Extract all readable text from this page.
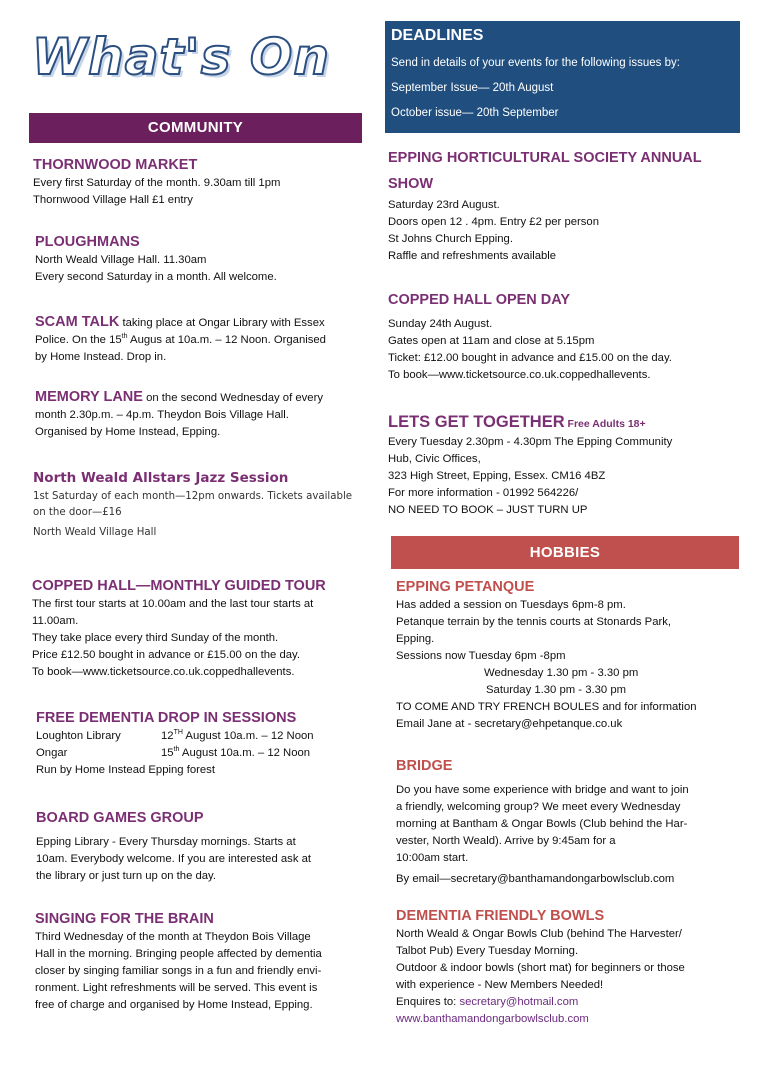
What's On
COMMUNITY
DEADLINES
Send in details of your events for the following issues by:
September Issue— 20th August
October issue— 20th September
THORNWOOD MARKET
Every first Saturday of the month. 9.30am till 1pm
Thornwood Village Hall £1 entry
PLOUGHMANS
North Weald Village Hall. 11.30am
Every second Saturday in a month. All welcome.
SCAM TALK taking place at Ongar Library with Essex
Police. On the 15th Augus at 10a.m. – 12 Noon. Organised
by Home Instead. Drop in.
MEMORY LANE on the second Wednesday of every
month 2.30p.m. – 4p.m. Theydon Bois Village Hall.
Organised by Home Instead, Epping.
North Weald Allstars Jazz Session
1st Saturday of each month—12pm onwards. Tickets available
on the door—£16
North Weald Village Hall
COPPED HALL—MONTHLY GUIDED TOUR
The first tour starts at 10.00am and the last tour starts at
11.00am.
They take place every third Sunday of the month.
Price £12.50 bought in advance or £15.00 on the day.
To book—www.ticketsource.co.uk.coppedhallevents.
FREE DEMENTIA DROP IN SESSIONS
Loughton Library	12TH August 10a.m. – 12 Noon
Ongar	15th August 10a.m. – 12 Noon
Run by Home Instead Epping forest
BOARD GAMES GROUP
Epping Library - Every Thursday mornings. Starts at
10am. Everybody welcome. If you are interested ask at
the library or just turn up on the day.
SINGING FOR THE BRAIN
Third Wednesday of the month at Theydon Bois Village
Hall in the morning. Bringing people affected by dementia
closer by singing familiar songs in a fun and friendly envi-
ronment. Light refreshments will be served. This event is
free of charge and organised by Home Instead, Epping.
EPPING HORTICULTURAL SOCIETY ANNUAL
SHOW
Saturday 23rd August.
Doors open 12 . 4pm. Entry £2 per person
St Johns Church Epping.
Raffle and refreshments available
COPPED HALL OPEN DAY
Sunday 24th August.
Gates open at 11am and close at 5.15pm
Ticket: £12.00 bought in advance and £15.00 on the day.
To book—www.ticketsource.co.uk.coppedhallevents.
LETS GET TOGETHER Free Adults 18+
Every Tuesday 2.30pm - 4.30pm The Epping Community
Hub, Civic Offices,
323 High Street, Epping, Essex. CM16 4BZ
For more information - 01992 564226/
NO NEED TO BOOK – JUST TURN UP
HOBBIES
EPPING PETANQUE
Has added a session on Tuesdays 6pm-8 pm.
Petanque terrain by the tennis courts at Stonards Park,
Epping.
Sessions now Tuesday 6pm -8pm
Wednesday 1.30 pm - 3.30 pm
Saturday 1.30 pm - 3.30 pm
TO COME AND TRY FRENCH BOULES and for information
Email Jane at - secretary@ehpetanque.co.uk
BRIDGE
Do you have some experience with bridge and want to join
a friendly, welcoming group? We meet every Wednesday
morning at Bantham & Ongar Bowls (Club behind the Har-
vester, North Weald). Arrive by 9:45am for a
10:00am start.
By email—secretary@banthamandongarbowlsclub.com
DEMENTIA FRIENDLY BOWLS
North Weald & Ongar Bowls Club (behind The Harvester/
Talbot Pub) Every Tuesday Morning.
Outdoor & indoor bowls (short mat) for beginners or those
with experience - New Members Needed!
Enquires to: secretary@hotmail.com
www.banthamandongarbowlsclub.com
